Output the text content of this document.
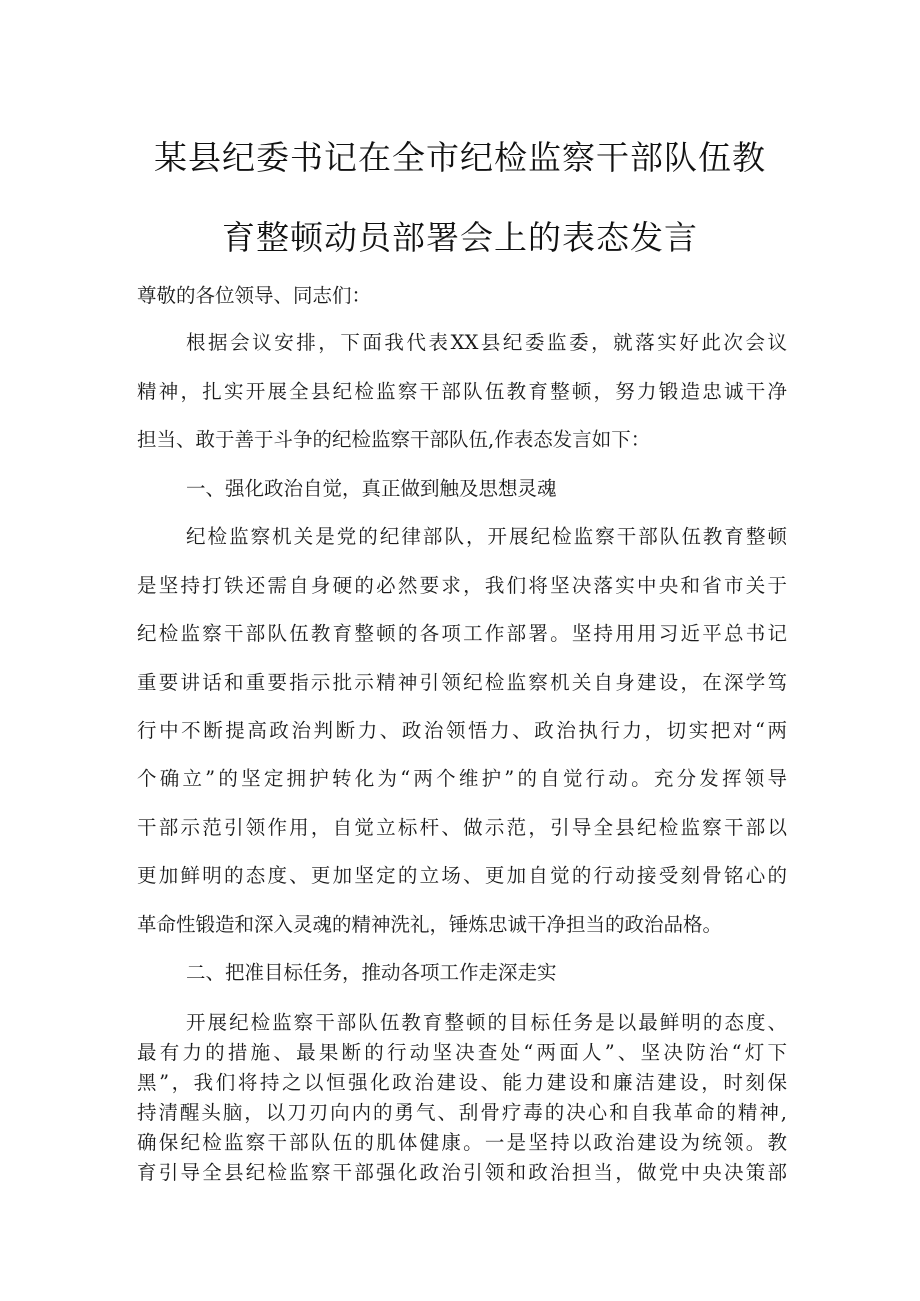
某县纪委书记在全市纪检监察干部队伍教
育整顿动员部署会上的表态发言

尊敬的各位领导、同志们：

根据会议安排，下面我代表XX县纪委监委，就落实好此次会议

精神，扎实开展全县纪检监察干部队伍教育整顿，努力锻造忠诚干净

担当、敢于善于斗争的纪检监察干部队伍,作表态发言如下：

一、强化政治自觉，真正做到触及思想灵魂

纪检监察机关是党的纪律部队，开展纪检监察干部队伍教育整顿

是坚持打铁还需自身硬的必然要求，我们将坚决落实中央和省市关于

纪检监察干部队伍教育整顿的各项工作部署。坚持用用习近平总书记

重要讲话和重要指示批示精神引领纪检监察机关自身建设，在深学笃

行中不断提高政治判断力、政治领悟力、政治执行力，切实把对“两

个确立”的坚定拥护转化为“两个维护”的自觉行动。充分发挥领导

干部示范引领作用，自觉立标杆、做示范，引导全县纪检监察干部以

更加鲜明的态度、更加坚定的立场、更加自觉的行动接受刻骨铭心的

革命性锻造和深入灵魂的精神洗礼，锤炼忠诚干净担当的政治品格。

二、把准目标任务，推动各项工作走深走实

开展纪检监察干部队伍教育整顿的目标任务是以最鲜明的态度、

最有力的措施、最果断的行动坚决查处“两面人”、坚决防治“灯下

黑”，我们将持之以恒强化政治建设、能力建设和廉洁建设，时刻保

持清醒头脑，以刀刃向内的勇气、刮骨疗毒的决心和自我革命的精神,

确保纪检监察干部队伍的肌体健康。一是坚持以政治建设为统领。教

育引导全县纪检监察干部强化政治引领和政治担当，做党中央决策部
